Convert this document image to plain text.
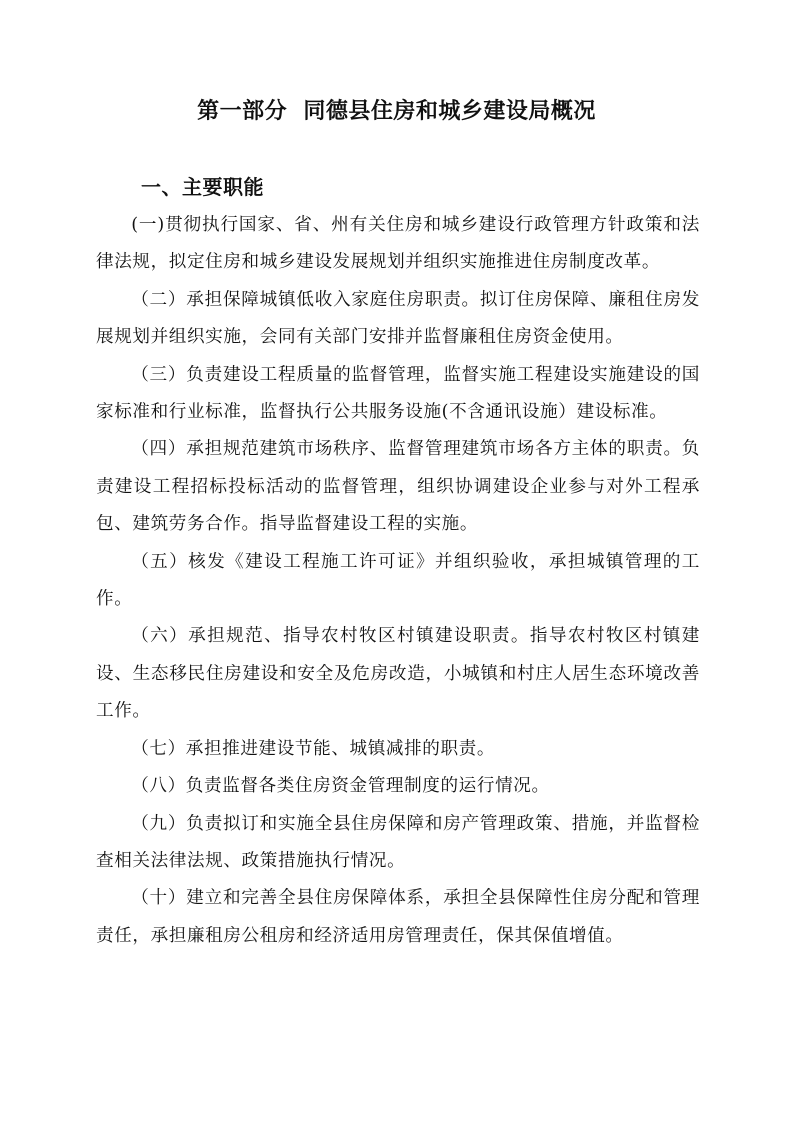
第一部分  同德县住房和城乡建设局概况
一、主要职能

(一)贯彻执行国家、省、州有关住房和城乡建设行政管理方针政策和法律法规，拟定住房和城乡建设发展规划并组织实施推进住房制度改革。

（二）承担保障城镇低收入家庭住房职责。拟订住房保障、廉租住房发展规划并组织实施，会同有关部门安排并监督廉租住房资金使用。

（三）负责建设工程质量的监督管理，监督实施工程建设实施建设的国家标准和行业标准，监督执行公共服务设施(不含通讯设施）建设标准。

（四）承担规范建筑市场秩序、监督管理建筑市场各方主体的职责。负责建设工程招标投标活动的监督管理，组织协调建设企业参与对外工程承包、建筑劳务合作。指导监督建设工程的实施。

（五）核发《建设工程施工许可证》并组织验收，承担城镇管理的工作。

（六）承担规范、指导农村牧区村镇建设职责。指导农村牧区村镇建设、生态移民住房建设和安全及危房改造，小城镇和村庄人居生态环境改善工作。

（七）承担推进建设节能、城镇减排的职责。

（八）负责监督各类住房资金管理制度的运行情况。

（九）负责拟订和实施全县住房保障和房产管理政策、措施，并监督检查相关法律法规、政策措施执行情况。

（十）建立和完善全县住房保障体系，承担全县保障性住房分配和管理责任，承担廉租房公租房和经济适用房管理责任，保其保值增值。
